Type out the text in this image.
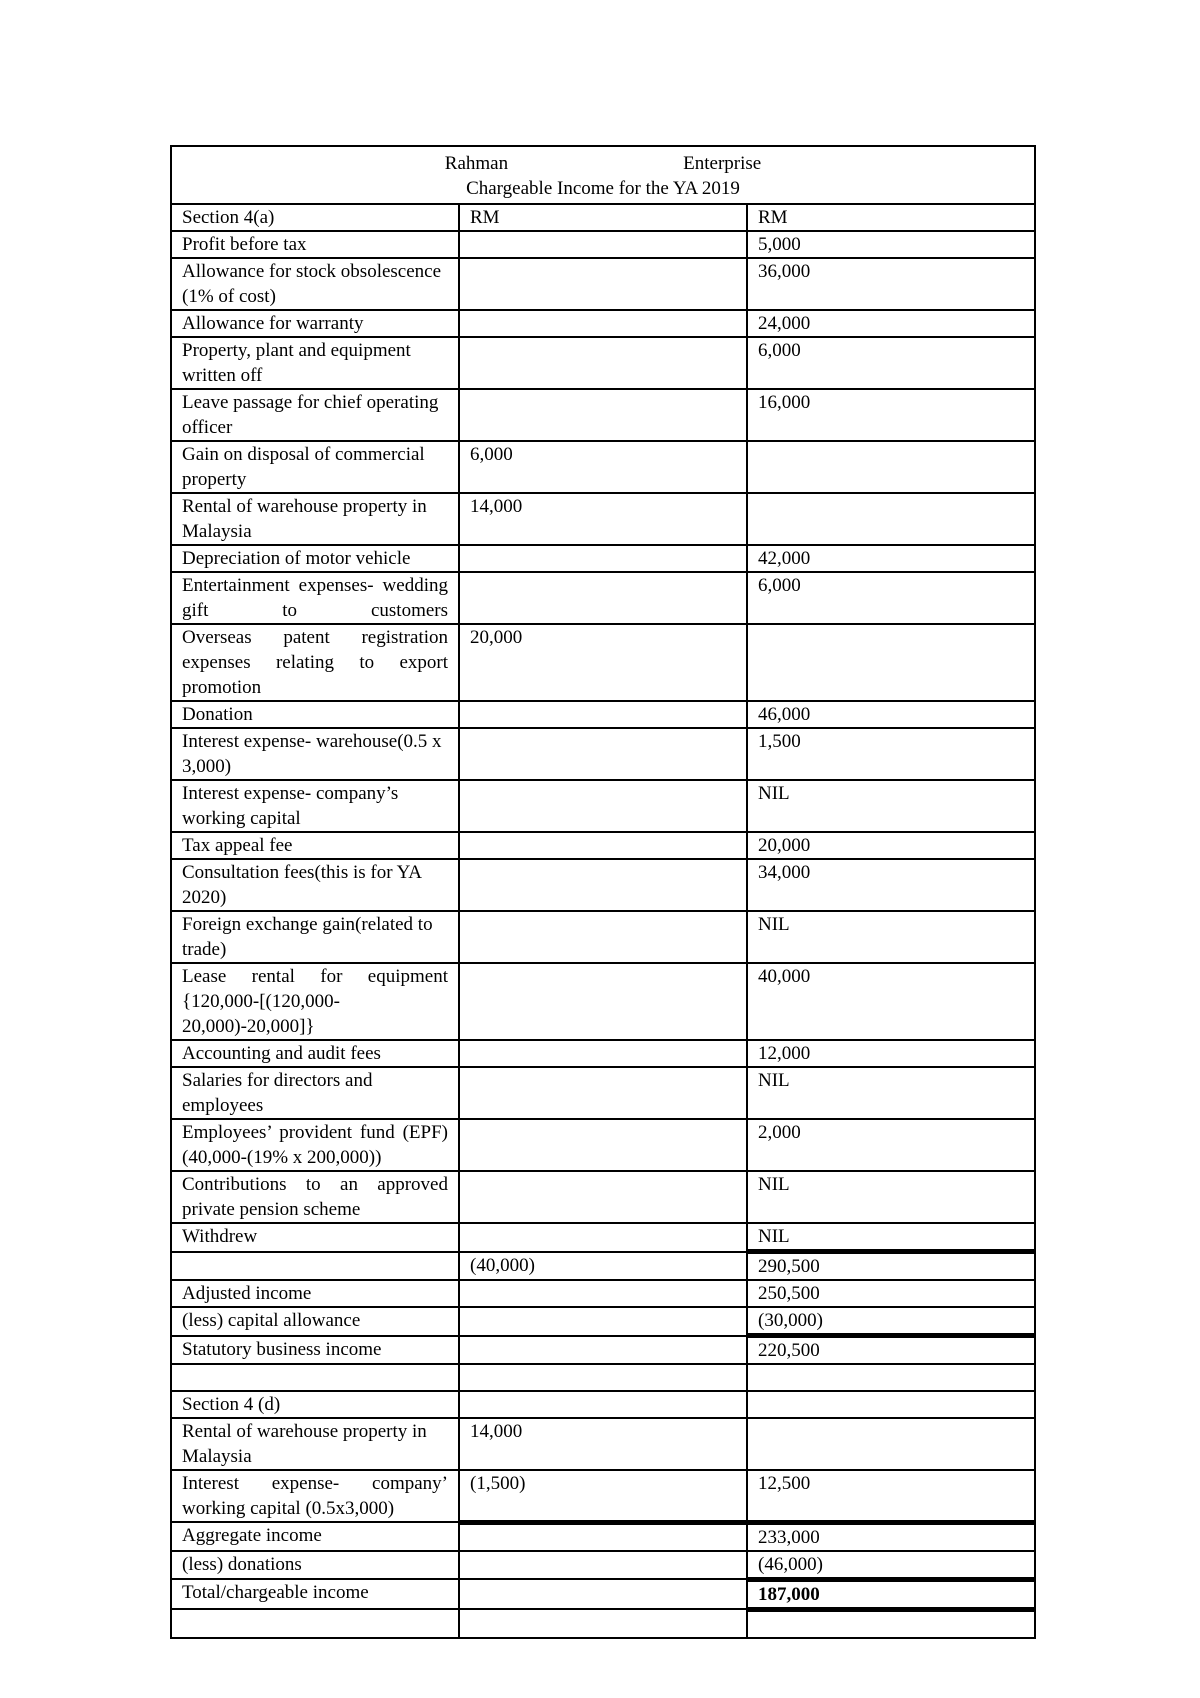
Rahman Enterprise
Chargeable Income for the YA 2019		

Section 4(a)	RM	RM
Profit before tax		5,000
Allowance for stock obsolescence (1% of cost)		36,000
Allowance for warranty		24,000
Property, plant and equipment written off		6,000
Leave passage for chief operating officer		16,000
Gain on disposal of commercial property	6,000	
Rental of warehouse property in Malaysia	14,000	
Depreciation of motor vehicle		42,000
Entertainment expenses- wedding gift to customers		6,000
Overseas patent registration expenses relating to export promotion	20,000	
Donation		46,000
Interest expense- warehouse(0.5 x 3,000)		1,500
Interest expense- company’s working capital		NIL
Tax appeal fee		20,000
Consultation fees(this is for YA 2020)		34,000
Foreign exchange gain(related to trade)		NIL
Lease rental for equipment {120,000-[(120,000-20,000)-20,000]}		40,000
Accounting and audit fees		12,000
Salaries for directors and employees		NIL
Employees’ provident fund (EPF) (40,000-(19% x 200,000))		2,000
Contributions to an approved private pension scheme		NIL
Withdrew		NIL
	(40,000)	290,500
Adjusted income		250,500
(less) capital allowance		(30,000)
Statutory business income		220,500

Section 4 (d)		
Rental of warehouse property in Malaysia	14,000	
Interest expense- company’ working capital (0.5x3,000)	(1,500)	12,500
Aggregate income		233,000
(less) donations		(46,000)
Total/chargeable income		187,000
